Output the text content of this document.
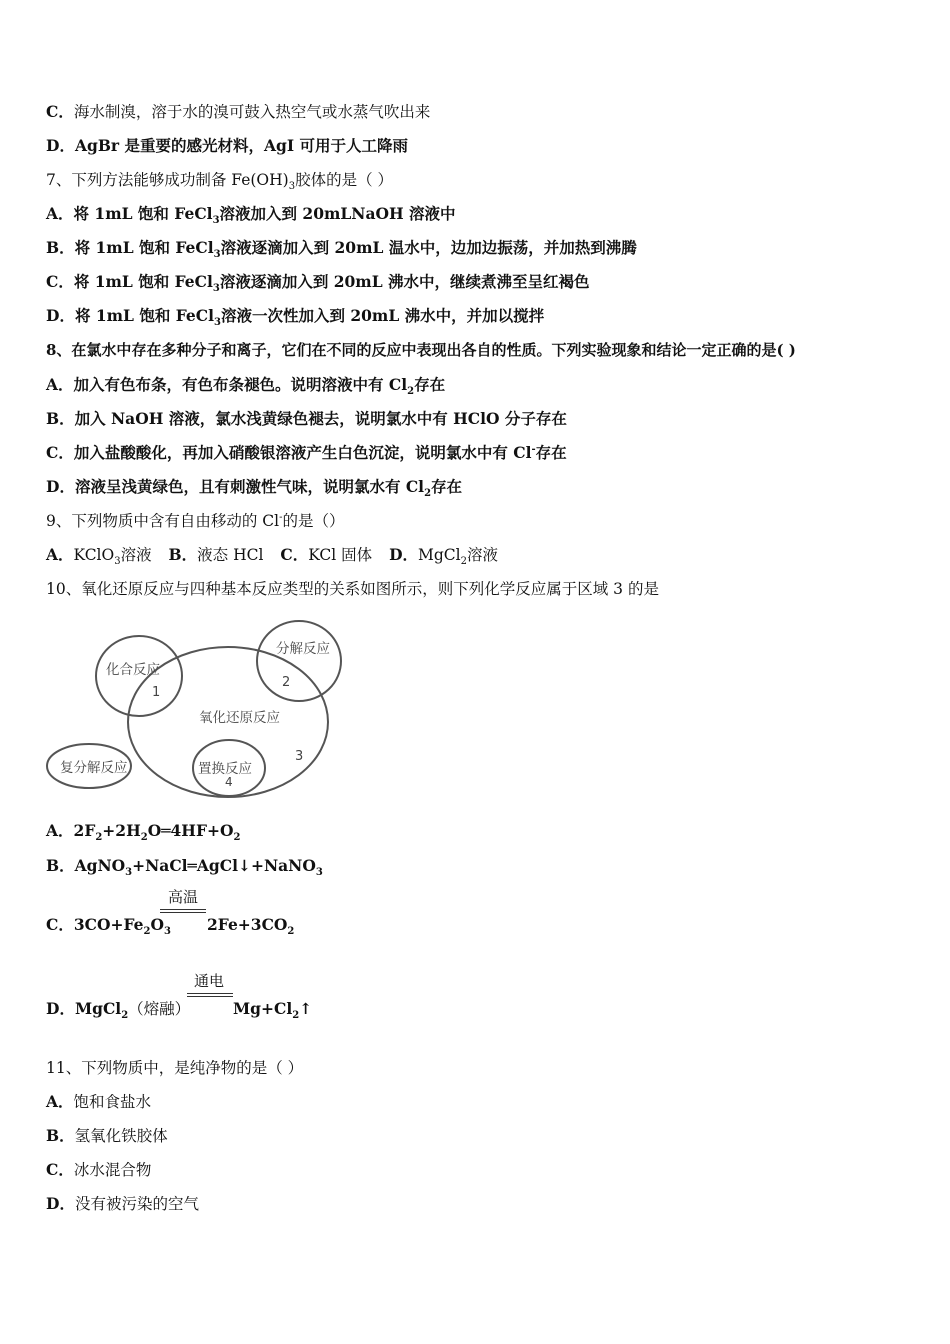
C．海水制溴，溶于水的溴可鼓入热空气或水蒸气吹出来
D．AgBr 是重要的感光材料，AgI 可用于人工降雨
7、下列方法能够成功制备 $Fe(OH)_3$胶体的是（ ）
A．将 1mL 饱和 FeCl$_3$溶液加入到 20mLNaOH 溶液中
B．将 1mL 饱和 FeCl$_3$溶液逐滴加入到 20mL 温水中，边加边振荡，并加热到沸腾
C．将 1mL 饱和 FeCl$_3$溶液逐滴加入到 20mL 沸水中，继续煮沸至呈红褐色
D．将 1mL 饱和 FeCl$_3$溶液一次性加入到 20mL 沸水中，并加以搅拌
8、在氯水中存在多种分子和离子，它们在不同的反应中表现出各自的性质。下列实验现象和结论一定正确的是( )
A．加入有色布条，有色布条褪色。说明溶液中有 $Cl_2$存在
B．加入 NaOH 溶液，氯水浅黄绿色褪去，说明氯水中有 HClO 分子存在
C．加入盐酸酸化，再加入硝酸银溶液产生白色沉淀，说明氯水中有 Cl-存在
D．溶液呈浅黄绿色，且有刺激性气味，说明氯水有 $Cl_2$存在
9、下列物质中含有自由移动的 Cl-的是（）
A．KClO$_3$溶液 B．液态 HCl C．KCl 固体 D．MgCl$_2$溶液
10、氧化还原反应与四种基本反应类型的关系如图所示，则下列化学反应属于区域 3 的是
化合反应
分解反应
氧化还原反应
复分解反应	置换反应
1
2
3
4
A．$2F_2+2H_2O═4HF+O_2$
B．AgNO$_3$+NaCl═AgCl↓+NaNO$_3$
高温
C．$3CO+Fe_2O_3$ $2Fe+3CO_2$
通电
D．MgCl$_2$（熔融）	$Mg+Cl_2↑$
11、下列物质中，是纯净物的是（ ）
A．饱和食盐水
B．氢氧化铁胶体
C．冰水混合物
D．没有被污染的空气
